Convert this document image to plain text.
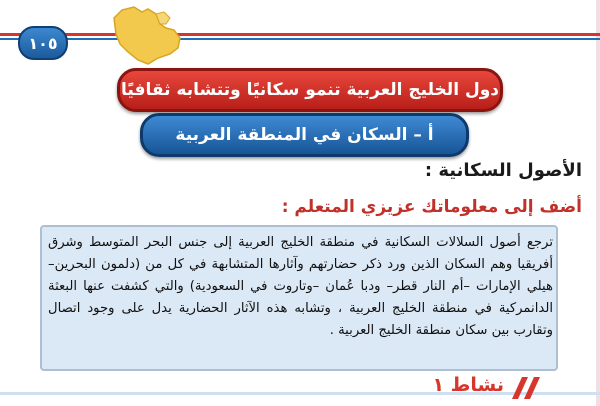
١٠٥
دول الخليج العربية تنمو سكانيًا وتتشابه ثقافيًا
أ – السكان في المنطقة العربية
الأصول السكانية :
أضف إلى معلوماتك عزيزي المتعلم :
ترجع أصول السلالات السكانية في منطقة الخليج العربية إلى جنس البحر المتوسط وشرق أفريقيا وهم السكان الذين ورد ذكر حضارتهم وآثارها المتشابهة في كل من (دلمون البحرين–هيلي الإمارات –أم النار قطر– ودبا عُمان –وتاروت في السعودية) والتي كشفت عنها البعثة الدانمركية في منطقة الخليج العربية ، وتشابه هذه الآثار الحضارية يدل على وجود اتصال وتقارب بين سكان منطقة الخليج العربية .
نشاط ١
